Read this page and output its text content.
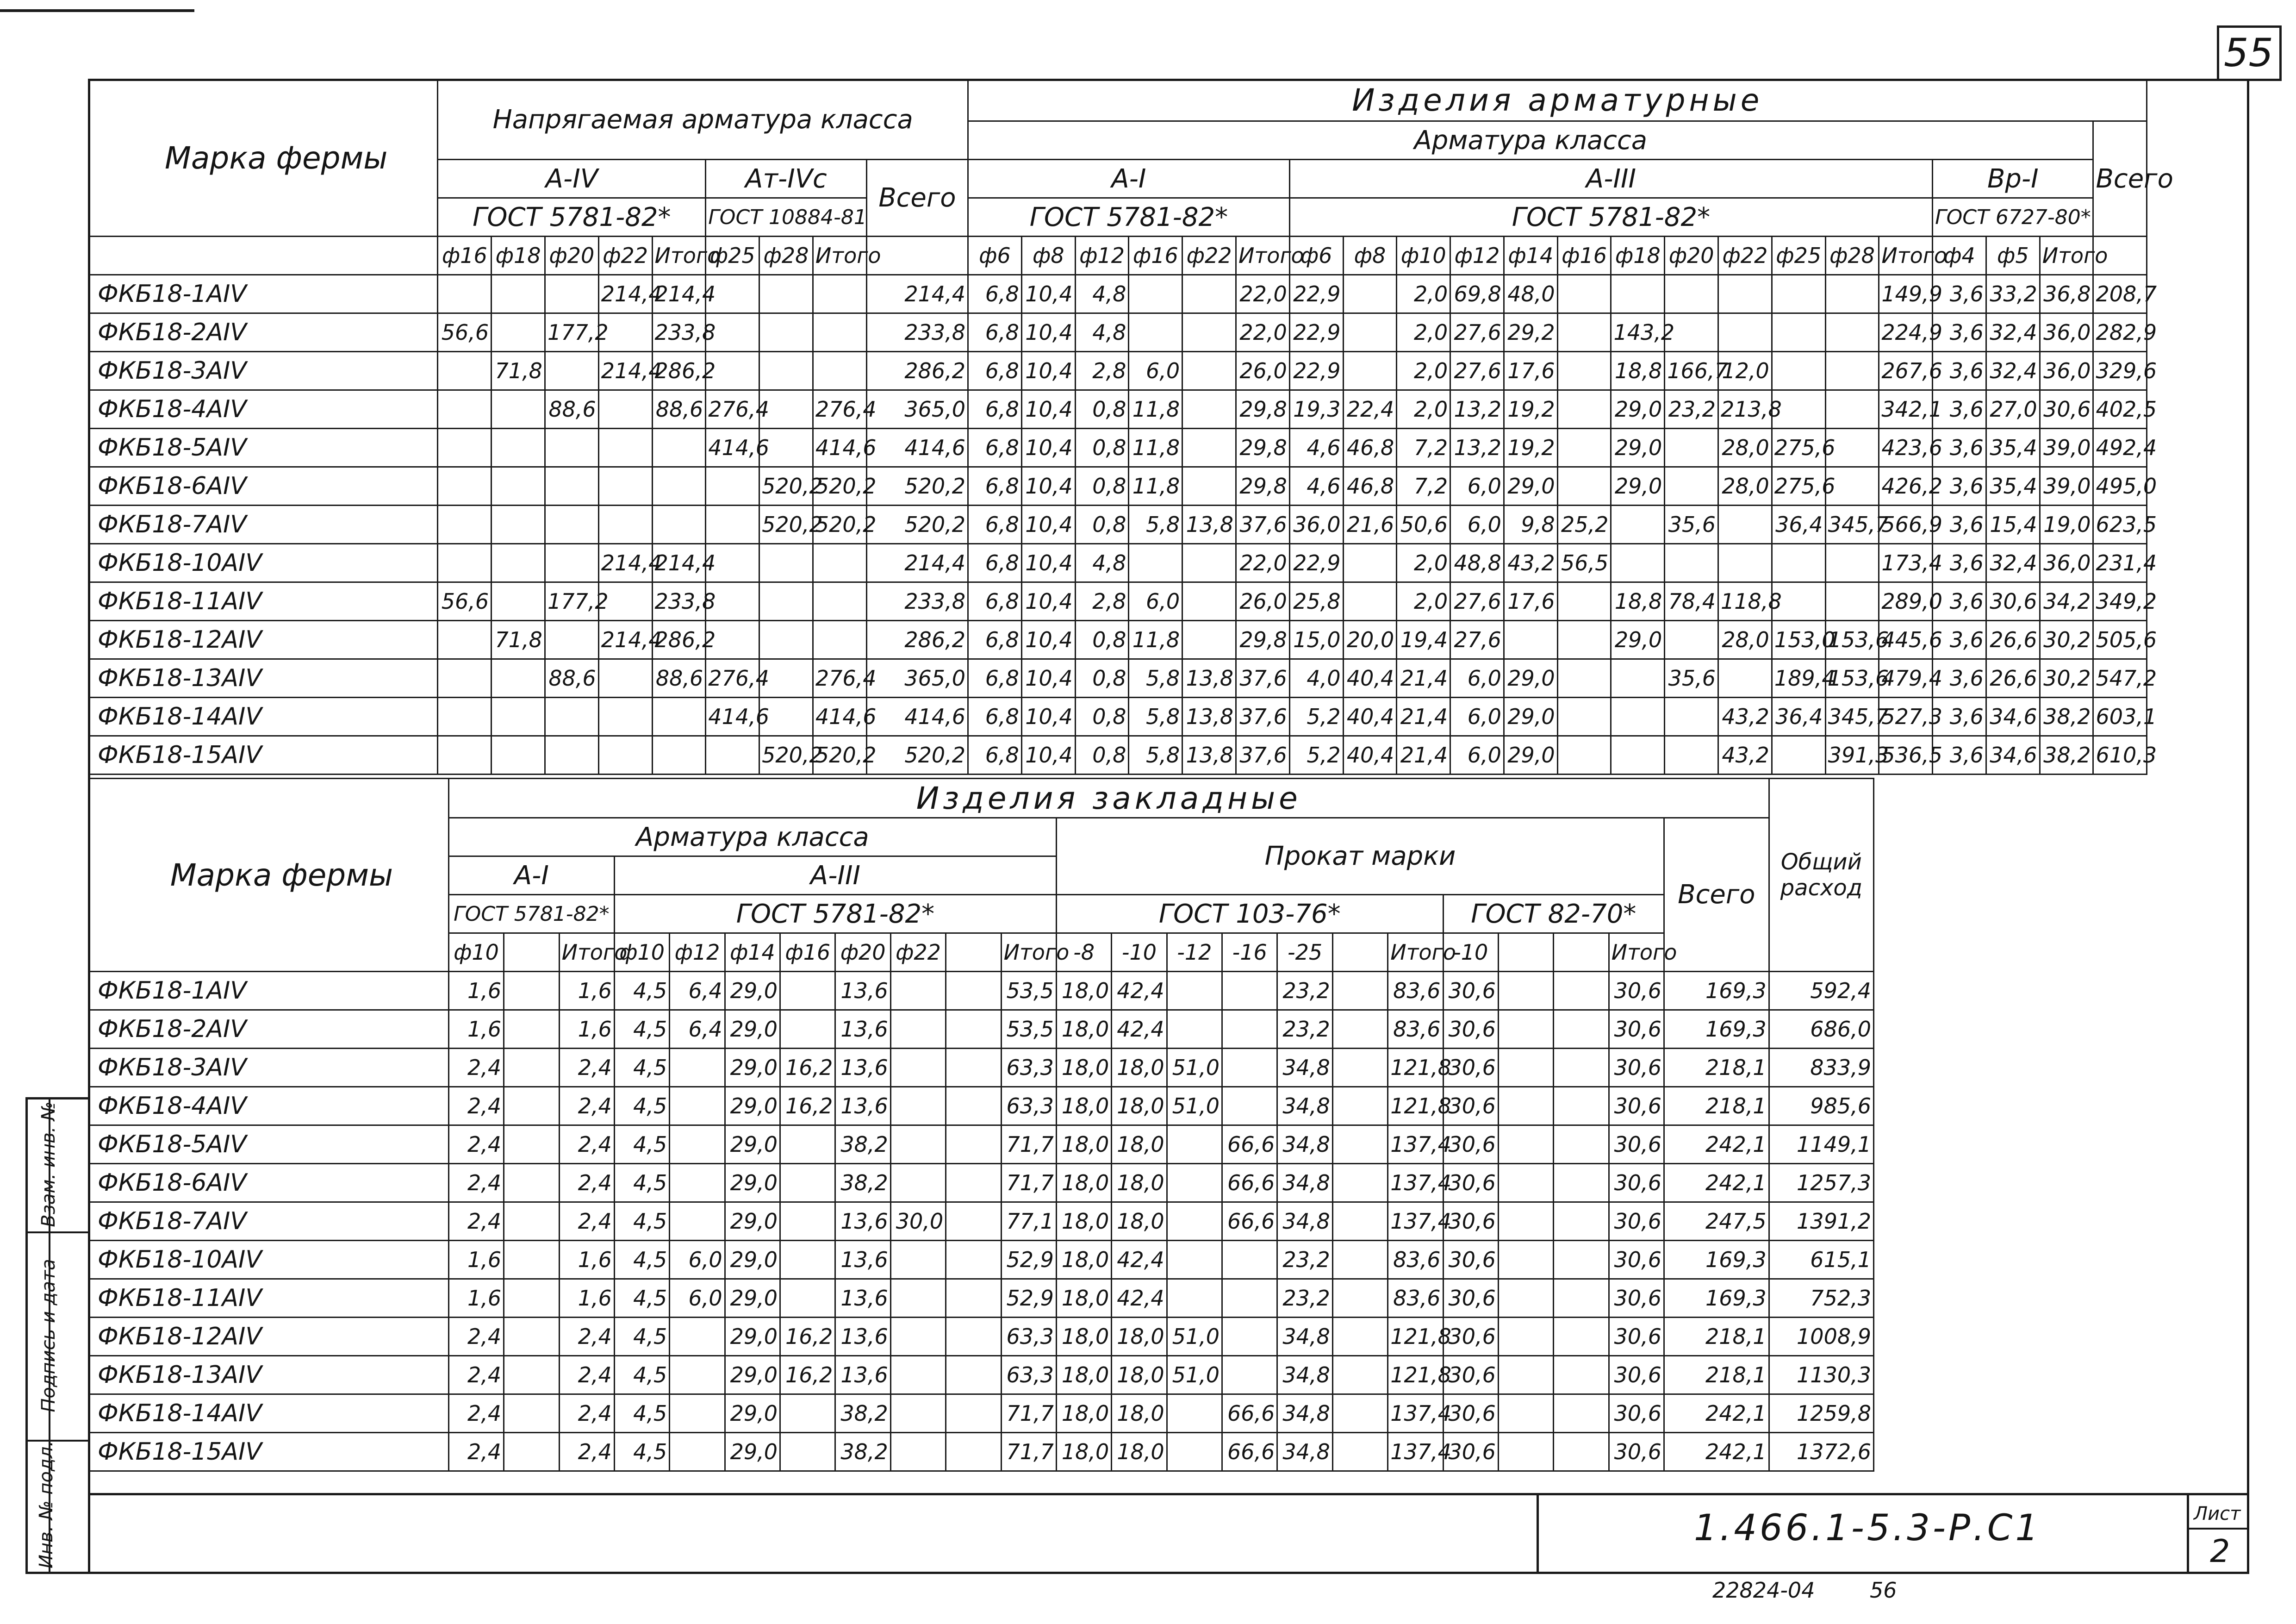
55
Марка фермы	Напрягаемая арматура класса									Изделия арматурные																					
										Арматура класса																					Всего
	А-IV					Ат-IVс			Всего	А-I						А-III												Вр-I			
	ГОСТ 5781-82*					ГОСТ 10884-81				ГОСТ 5781-82*						ГОСТ 5781-82*												ГОСТ 6727-80*			
	ф16	ф18	ф20	ф22	Итого	ф25	ф28	Итого		ф6	ф8	ф12	ф16	ф22	Итого	ф6	ф8	ф10	ф12	ф14	ф16	ф18	ф20	ф22	ф25	ф28	Итого	ф4	ф5	Итого	
ФКБ18-1АIV				214,4	214,4				214,4	6,8	10,4	4,8			22,0	22,9		2,0	69,8	48,0							149,9	3,6	33,2	36,8	208,7
ФКБ18-2АIV	56,6		177,2		233,8				233,8	6,8	10,4	4,8			22,0	22,9		2,0	27,6	29,2		143,2					224,9	3,6	32,4	36,0	282,9
ФКБ18-3АIV		71,8		214,4	286,2				286,2	6,8	10,4	2,8	6,0		26,0	22,9		2,0	27,6	17,6		18,8	166,7	12,0			267,6	3,6	32,4	36,0	329,6
ФКБ18-4АIV			88,6		88,6	276,4		276,4	365,0	6,8	10,4	0,8	11,8		29,8	19,3	22,4	2,0	13,2	19,2		29,0	23,2	213,8			342,1	3,6	27,0	30,6	402,5
ФКБ18-5АIV						414,6		414,6	414,6	6,8	10,4	0,8	11,8		29,8	4,6	46,8	7,2	13,2	19,2		29,0		28,0	275,6		423,6	3,6	35,4	39,0	492,4
ФКБ18-6АIV							520,2	520,2	520,2	6,8	10,4	0,8	11,8		29,8	4,6	46,8	7,2	6,0	29,0		29,0		28,0	275,6		426,2	3,6	35,4	39,0	495,0
ФКБ18-7АIV							520,2	520,2	520,2	6,8	10,4	0,8	5,8	13,8	37,6	36,0	21,6	50,6	6,0	9,8	25,2		35,6		36,4	345,7	566,9	3,6	15,4	19,0	623,5
ФКБ18-10АIV				214,4	214,4				214,4	6,8	10,4	4,8			22,0	22,9		2,0	48,8	43,2	56,5						173,4	3,6	32,4	36,0	231,4
ФКБ18-11АIV	56,6		177,2		233,8				233,8	6,8	10,4	2,8	6,0		26,0	25,8		2,0	27,6	17,6		18,8	78,4	118,8			289,0	3,6	30,6	34,2	349,2
ФКБ18-12АIV		71,8		214,4	286,2				286,2	6,8	10,4	0,8	11,8		29,8	15,0	20,0	19,4	27,6			29,0		28,0	153,0	153,6	445,6	3,6	26,6	30,2	505,6
ФКБ18-13АIV			88,6		88,6	276,4		276,4	365,0	6,8	10,4	0,8	5,8	13,8	37,6	4,0	40,4	21,4	6,0	29,0			35,6		189,4	153,6	479,4	3,6	26,6	30,2	547,2
ФКБ18-14АIV						414,6		414,6	414,6	6,8	10,4	0,8	5,8	13,8	37,6	5,2	40,4	21,4	6,0	29,0				43,2	36,4	345,7	527,3	3,6	34,6	38,2	603,1
ФКБ18-15АIV							520,2	520,2	520,2	6,8	10,4	0,8	5,8	13,8	37,6	5,2	40,4	21,4	6,0	29,0				43,2		391,3	536,5	3,6	34,6	38,2	610,3
Марка фермы	Изделия закладные																							Общий расход
	Арматура класса											Прокат марки											Всего	
	А-I			А-III																				
	ГОСТ 5781-82*			ГОСТ 5781-82*								ГОСТ 103-76*							ГОСТ 82-70*					
	ф10		Итого	ф10	ф12	ф14	ф16	ф20	ф22		Итого	-8	-10	-12	-16	-25		Итого	-10			Итого		
ФКБ18-1АIV	1,6		1,6	4,5	6,4	29,0		13,6			53,5	18,0	42,4			23,2		83,6	30,6			30,6	169,3	592,4
ФКБ18-2АIV	1,6		1,6	4,5	6,4	29,0		13,6			53,5	18,0	42,4			23,2		83,6	30,6			30,6	169,3	686,0
ФКБ18-3АIV	2,4		2,4	4,5		29,0	16,2	13,6			63,3	18,0	18,0	51,0		34,8		121,8	30,6			30,6	218,1	833,9
ФКБ18-4АIV	2,4		2,4	4,5		29,0	16,2	13,6			63,3	18,0	18,0	51,0		34,8		121,8	30,6			30,6	218,1	985,6
ФКБ18-5АIV	2,4		2,4	4,5		29,0		38,2			71,7	18,0	18,0		66,6	34,8		137,4	30,6			30,6	242,1	1149,1
ФКБ18-6АIV	2,4		2,4	4,5		29,0		38,2			71,7	18,0	18,0		66,6	34,8		137,4	30,6			30,6	242,1	1257,3
ФКБ18-7АIV	2,4		2,4	4,5		29,0		13,6	30,0		77,1	18,0	18,0		66,6	34,8		137,4	30,6			30,6	247,5	1391,2
ФКБ18-10АIV	1,6		1,6	4,5	6,0	29,0		13,6			52,9	18,0	42,4			23,2		83,6	30,6			30,6	169,3	615,1
ФКБ18-11АIV	1,6		1,6	4,5	6,0	29,0		13,6			52,9	18,0	42,4			23,2		83,6	30,6			30,6	169,3	752,3
ФКБ18-12АIV	2,4		2,4	4,5		29,0	16,2	13,6			63,3	18,0	18,0	51,0		34,8		121,8	30,6			30,6	218,1	1008,9
ФКБ18-13АIV	2,4		2,4	4,5		29,0	16,2	13,6			63,3	18,0	18,0	51,0		34,8		121,8	30,6			30,6	218,1	1130,3
ФКБ18-14АIV	2,4		2,4	4,5		29,0		38,2			71,7	18,0	18,0		66,6	34,8		137,4	30,6			30,6	242,1	1259,8
ФКБ18-15АIV	2,4		2,4	4,5		29,0		38,2			71,7	18,0	18,0		66,6	34,8		137,4	30,6			30,6	242,1	1372,6
1.466.1-5.3-Р.С1	Лист
2
22824-04	56
Взам. инв. №
Подпись и дата
Инв. № подл.
